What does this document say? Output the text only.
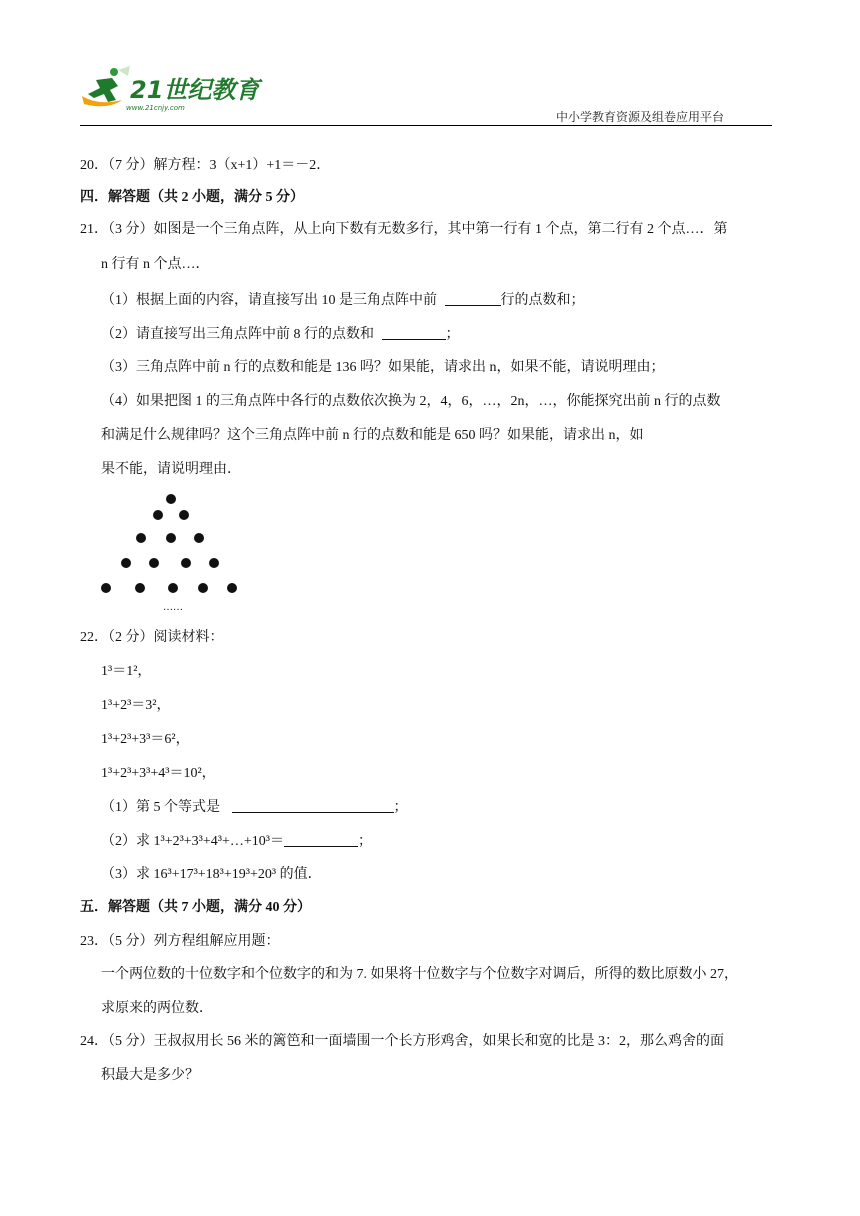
21世纪教育
www.21cnjy.com
中小学教育资源及组卷应用平台
20．（7 分）解方程：3（x+1）+1＝－2．
四．解答题（共 2 小题，满分 5 分）
21．（3 分）如图是一个三角点阵，从上向下数有无数多行，其中第一行有 1 个点，第二行有 2 个点…．第
n 行有 n 个点…．
（1）根据上面的内容，请直接写出 10 是三角点阵中前	行的点数和；
（2）请直接写出三角点阵中前 8 行的点数和	；
（3）三角点阵中前 n 行的点数和能是 136 吗？如果能，请求出 n，如果不能，请说明理由；
（4）如果把图 1 的三角点阵中各行的点数依次换为 2，4，6，…，2n，…，你能探究出前 n 行的点数
和满足什么规律吗？这个三角点阵中前 n 行的点数和能是 650 吗？如果能，请求出 n，如
果不能，请说明理由．
……
22．（2 分）阅读材料：
1³＝1²，
1³+2³＝3²，
1³+2³+3³＝6²，
1³+2³+3³+4³＝10²，
（1）第 5 个等式是	；
（2）求 1³+2³+3³+4³+…+10³＝	；
（3）求 16³+17³+18³+19³+20³ 的值．
五．解答题（共 7 小题，满分 40 分）
23．（5 分）列方程组解应用题：
一个两位数的十位数字和个位数字的和为 7. 如果将十位数字与个位数字对调后，所得的数比原数小 27，
求原来的两位数．
24．（5 分）王叔叔用长 56 米的篱笆和一面墙围一个长方形鸡舍，如果长和宽的比是 3：2，那么鸡舍的面
积最大是多少？
